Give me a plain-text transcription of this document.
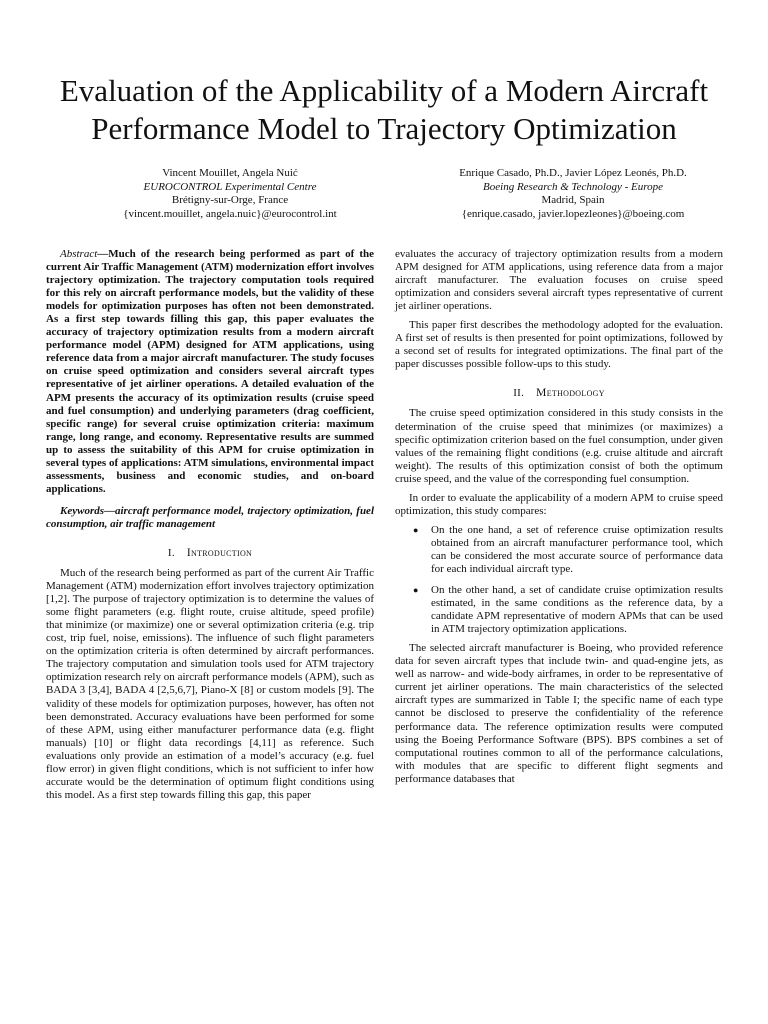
Evaluation of the Applicability of a Modern Aircraft Performance Model to Trajectory Optimization
Vincent Mouillet, Angela Nuić
EUROCONTROL Experimental Centre
Brétigny-sur-Orge, France
{vincent.mouillet, angela.nuic}@eurocontrol.int
Enrique Casado, Ph.D., Javier López Leonés, Ph.D.
Boeing Research & Technology - Europe
Madrid, Spain
{enrique.casado, javier.lopezleones}@boeing.com

Abstract—Much of the research being performed as part of the current Air Traffic Management (ATM) modernization effort involves trajectory optimization. The trajectory computation tools required for this rely on aircraft performance models, but the validity of these models for optimization purposes has often not been demonstrated. As a first step towards filling this gap, this paper evaluates the accuracy of trajectory optimization results from a modern aircraft performance model (APM) designed for ATM applications, using reference data from a major aircraft manufacturer. The study focuses on cruise speed optimization and considers several aircraft types representative of jet airliner operations. A detailed evaluation of the APM presents the accuracy of its optimization results (cruise speed and fuel consumption) and underlying parameters (drag coefficient, specific range) for several cruise optimization criteria: maximum range, long range, and economy. Representative results are summed up to assess the suitability of this APM for cruise optimization in several types of applications: ATM simulations, environmental impact assessments, business and economic studies, and on-board applications.

Keywords—aircraft performance model, trajectory optimization, fuel consumption, air traffic management

I. Introduction

Much of the research being performed as part of the current Air Traffic Management (ATM) modernization effort involves trajectory optimization [1,2]. The purpose of trajectory optimization is to determine the values of some flight parameters (e.g. flight route, cruise altitude, speed profile) that minimize (or maximize) one or several optimization criteria (e.g. trip cost, trip fuel, noise, emissions). The influence of such flight parameters on the optimization criteria is often determined by aircraft performances. The trajectory computation and simulation tools used for ATM trajectory optimization research rely on aircraft performance models (APM), such as BADA 3 [3,4], BADA 4 [2,5,6,7], Piano-X [8] or custom models [9]. The validity of these models for optimization purposes, however, has often not been demonstrated. Accuracy evaluations have been performed for some of these APM, using either manufacturer performance data (e.g. flight manuals) [10] or flight data recordings [4,11] as reference. Such evaluations only provide an estimation of a model’s accuracy (e.g. fuel flow error) in given flight conditions, which is not sufficient to infer how accurate would be the determination of optimum flight conditions using this model. As a first step towards filling this gap, this paper

evaluates the accuracy of trajectory optimization results from a modern APM designed for ATM applications, using reference data from a major aircraft manufacturer. The evaluation focuses on cruise speed optimization and considers several aircraft types representative of current jet airliner operations.

This paper first describes the methodology adopted for the evaluation. A first set of results is then presented for point optimizations, followed by a second set of results for integrated optimizations. The final part of the paper discusses possible follow-ups to this study.

II. Methodology

The cruise speed optimization considered in this study consists in the determination of the cruise speed that minimizes (or maximizes) a specific optimization criterion based on the fuel consumption, under given values of the remaining flight conditions (e.g. cruise altitude and aircraft weight). The results of this optimization consist of both the optimum cruise speed, and the value of the corresponding fuel consumption.

In order to evaluate the applicability of a modern APM to cruise speed optimization, this study compares:

● On the one hand, a set of reference cruise optimization results obtained from an aircraft manufacturer performance tool, which can be considered the most accurate source of performance data for each individual aircraft type.
● On the other hand, a set of candidate cruise optimization results estimated, in the same conditions as the reference data, by a candidate APM representative of modern APMs that can be used in ATM trajectory optimization applications.

The selected aircraft manufacturer is Boeing, who provided reference data for seven aircraft types that include twin- and quad-engine jets, as well as narrow- and wide-body airframes, in order to be representative of current jet airliner operations. The main characteristics of the selected aircraft types are summarized in Table I; the specific name of each type cannot be disclosed to preserve the confidentiality of the reference performance data. The reference optimization results were computed using the Boeing Performance Software (BPS). BPS combines a set of computational routines common to all of the performance calculations, with modules that are specific to different flight segments and performance databases that
